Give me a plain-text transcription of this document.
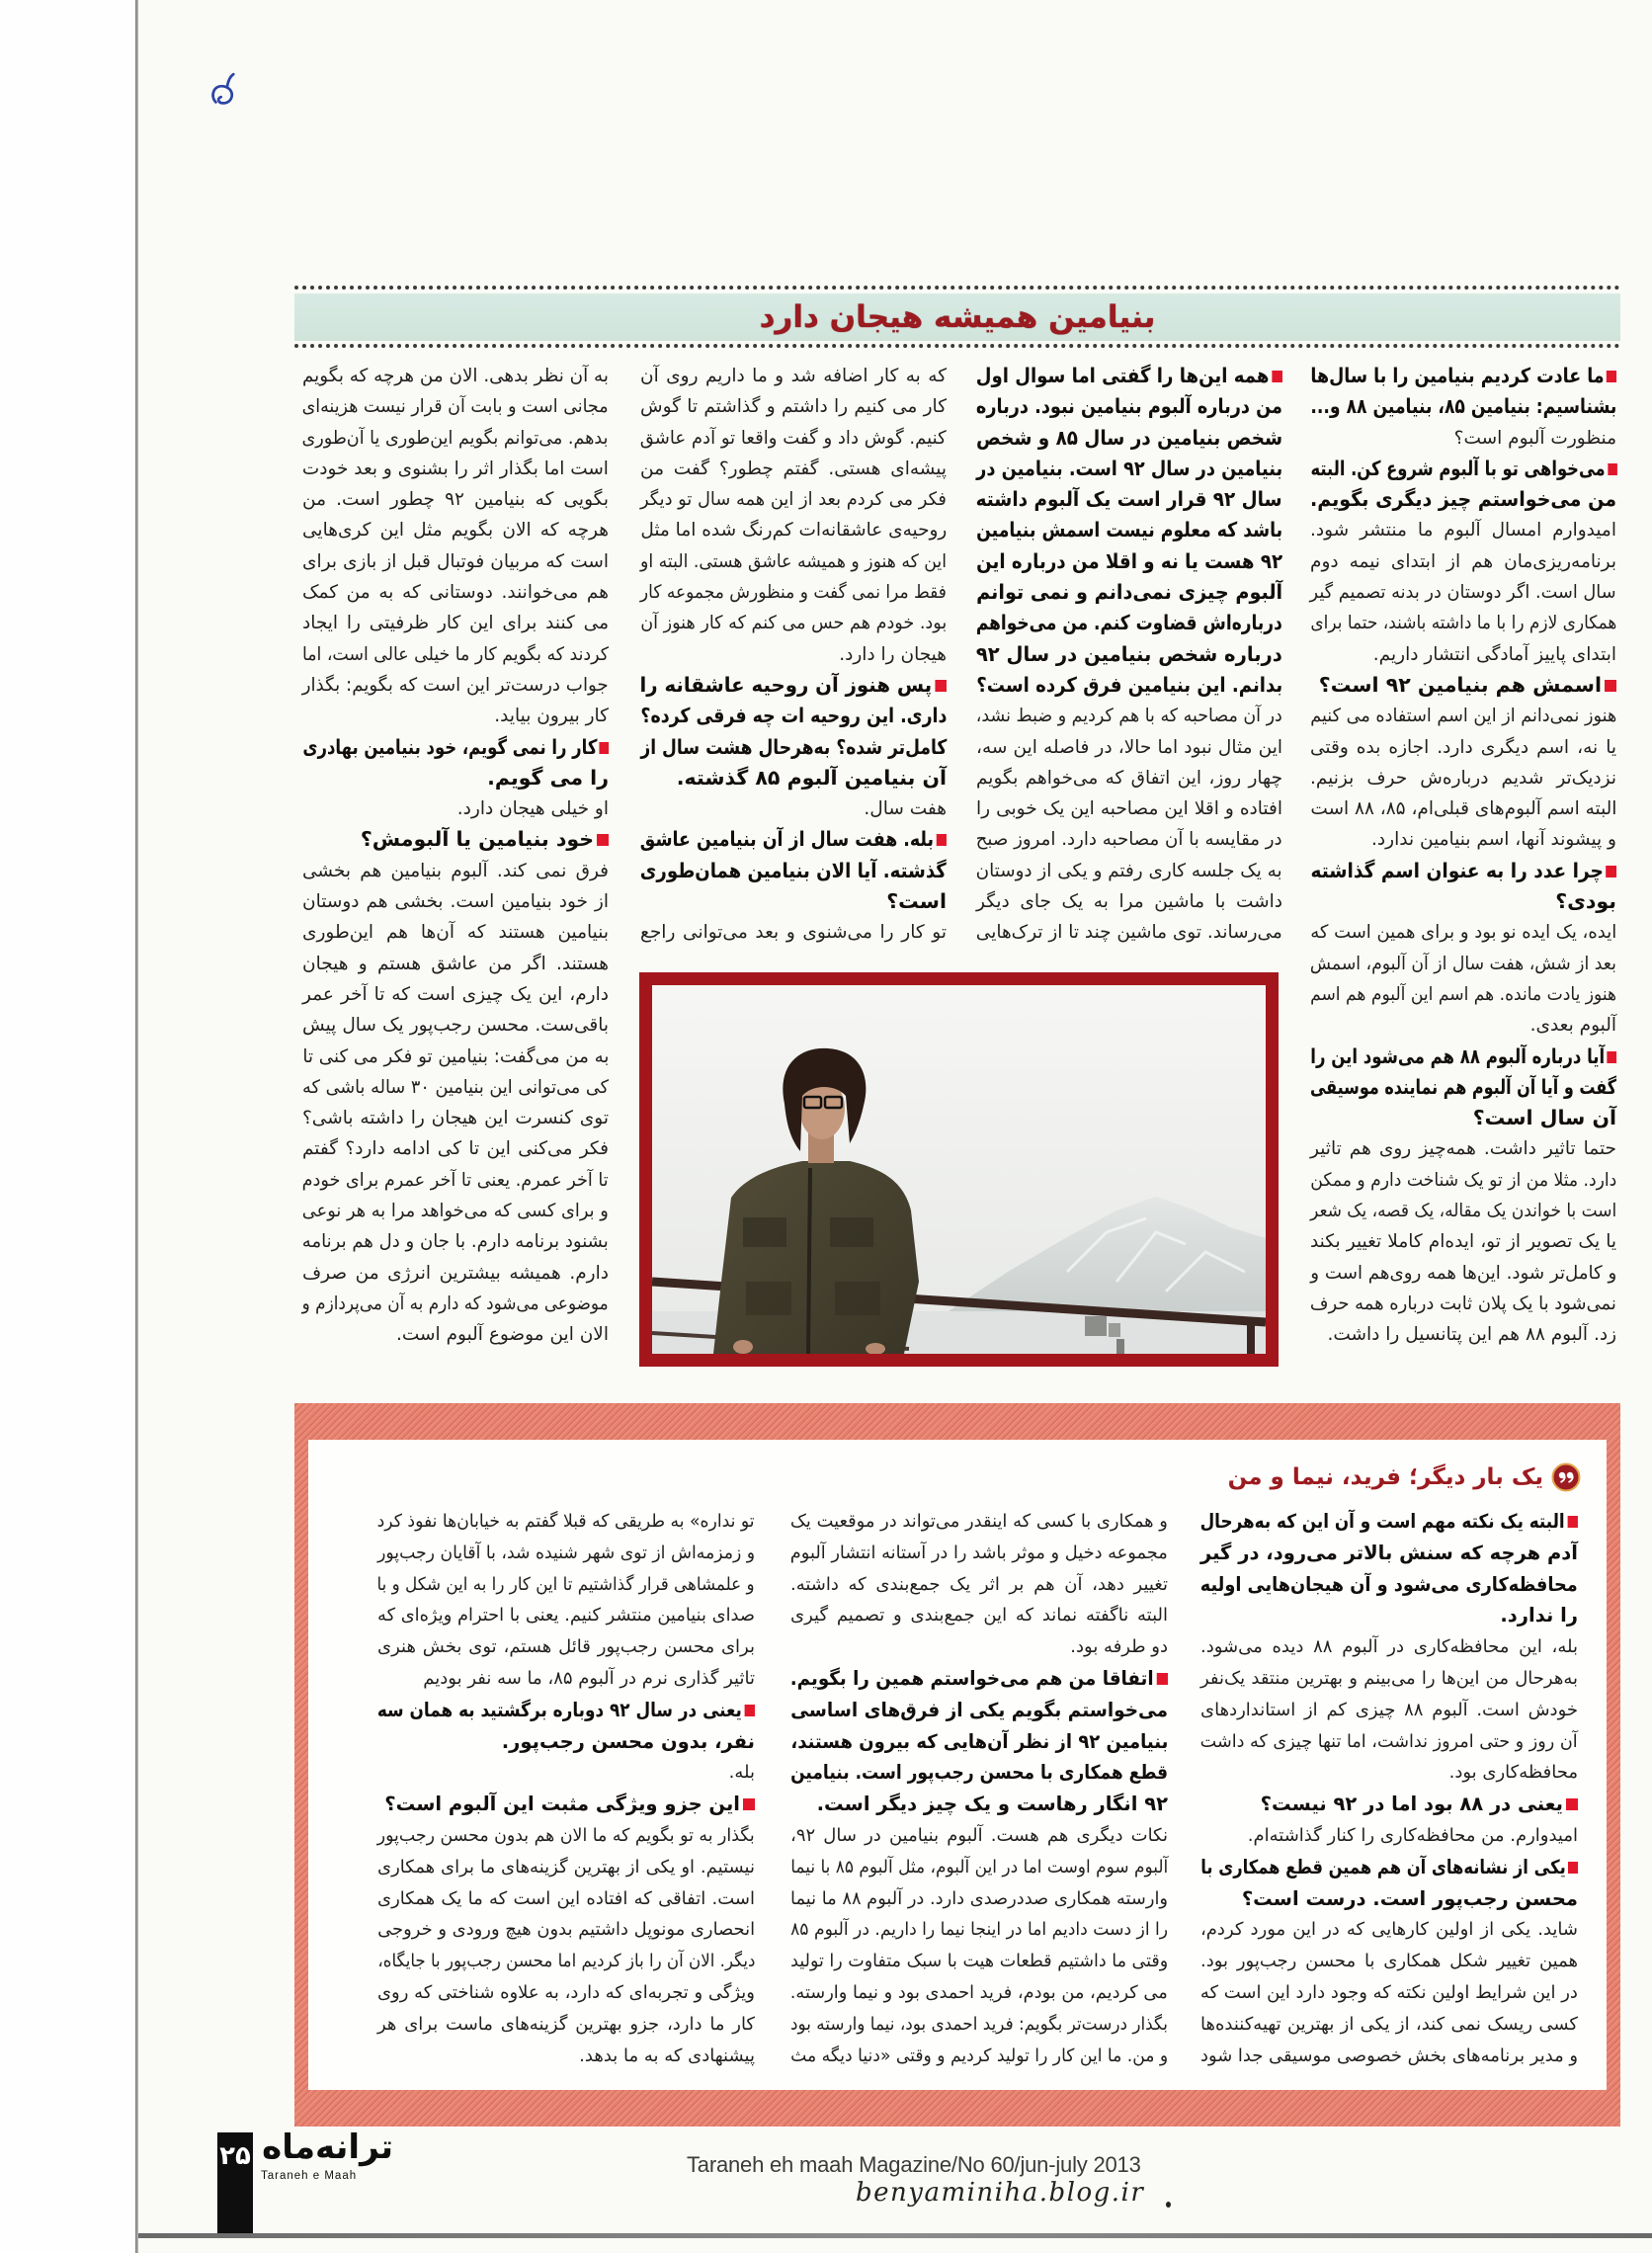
بنیامین همیشه هیجان دارد
ما عادت کردیم بنیامین را با سال‌ها
بشناسیم: بنیامین ۸۵، بنیامین ۸۸ و...
منظورت آلبوم است؟
می‌خواهی تو با آلبوم شروع کن. البته
من می‌خواستم چیز دیگری بگویم.
امیدوارم امسال آلبوم ما منتشر شود.
برنامه‌ریزی‌مان هم از ابتدای نیمه دوم
سال است. اگر دوستان در بدنه تصمیم گیر
همکاری لازم را با ما داشته باشند، حتما برای
ابتدای پاییز آمادگی انتشار داریم.
اسمش هم بنیامین ۹۲ است؟
هنوز نمی‌دانم از این اسم استفاده می کنیم
یا نه، اسم دیگری دارد. اجازه بده وقتی
نزدیک‌تر شدیم درباره‌ش حرف بزنیم.
البته اسم آلبوم‌های قبلی‌ام، ۸۵، ۸۸ است
و پیشوند آنها، اسم بنیامین ندارد.
چرا عدد را به عنوان اسم گذاشته
بودی؟
ایده، یک ایده نو بود و برای همین است که
بعد از شش، هفت سال از آن آلبوم، اسمش
هنوز یادت مانده. هم اسم این آلبوم هم اسم
آلبوم بعدی.
آیا درباره آلبوم ۸۸ هم می‌شود این را
گفت و آیا آن آلبوم هم نماینده موسیقی
آن سال است؟
حتما تاثیر داشت. همه‌چیز روی هم تاثیر
دارد. مثلا من از تو یک شناخت دارم و ممکن
است با خواندن یک مقاله، یک قصه، یک شعر
یا یک تصویر از تو، ایده‌ام کاملا تغییر بکند
و کامل‌تر شود. این‌ها همه روی‌هم است و
نمی‌شود با یک پلان ثابت درباره همه حرف
زد. آلبوم ۸۸ هم این پتانسیل را داشت.
همه این‌ها را گفتی اما سوال اول
من درباره آلبوم بنیامین نبود. درباره
شخص بنیامین در سال ۸۵ و شخص
بنیامین در سال ۹۲ است. بنیامین در
سال ۹۲ قرار است یک آلبوم داشته
باشد که معلوم نیست اسمش بنیامین
۹۲ هست یا نه و اقلا من درباره این
آلبوم چیزی نمی‌دانم و نمی توانم
درباره‌اش قضاوت کنم. من می‌خواهم
درباره شخص بنیامین در سال ۹۲
بدانم. این بنیامین فرق کرده است؟
در آن مصاحبه که با هم کردیم و ضبط نشد،
این مثال نبود اما حالا، در فاصله این سه،
چهار روز، این اتفاق که می‌خواهم بگویم
افتاده و اقلا این مصاحبه این یک خوبی را
در مقایسه با آن مصاحبه دارد. امروز صبح
به یک جلسه کاری رفتم و یکی از دوستان
داشت با ماشین مرا به یک جای دیگر
می‌رساند. توی ماشین چند تا از ترک‌هایی
که به کار اضافه شد و ما داریم روی آن
کار می کنیم را داشتم و گذاشتم تا گوش
کنیم. گوش داد و گفت واقعا تو آدم عاشق
پیشه‌ای هستی. گفتم چطور؟ گفت من
فکر می کردم بعد از این همه سال تو دیگر
روحیه‌ی عاشقانه‌ات کم‌رنگ شده اما مثل
این که هنوز و همیشه عاشق هستی. البته او
فقط مرا نمی گفت و منظورش مجموعه کار
بود. خودم هم حس می کنم که کار هنوز آن
هیجان را دارد.
پس هنوز آن روحیه عاشقانه را
داری. این روحیه ات چه فرقی کرده؟
کامل‌تر شده؟ به‌هرحال هشت سال از
آن بنیامین آلبوم ۸۵ گذشته.
هفت سال.
بله. هفت سال از آن بنیامین عاشق
گذشته. آیا الان بنیامین همان‌طوری
است؟
تو کار را می‌شنوی و بعد می‌توانی راجع
به آن نظر بدهی. الان من هرچه که بگویم
مجانی است و بابت آن قرار نیست هزینه‌ای
بدهم. می‌توانم بگویم این‌طوری یا آن‌طوری
است اما بگذار اثر را بشنوی و بعد خودت
بگویی که بنیامین ۹۲ چطور است. من
هرچه که الان بگویم مثل این کری‌هایی
است که مربیان فوتبال قبل از بازی برای
هم می‌خوانند. دوستانی که به من کمک
می کنند برای این کار ظرفیتی را ایجاد
کردند که بگویم کار ما خیلی عالی است، اما
جواب درست‌تر این است که بگویم: بگذار
کار بیرون بیاید.
کار را نمی گویم، خود بنیامین بهادری
را می گویم.
او خیلی هیجان دارد.
خود بنیامین یا آلبومش؟
فرق نمی کند. آلبوم بنیامین هم بخشی
از خود بنیامین است. بخشی هم دوستان
بنیامین هستند که آن‌ها هم این‌طوری
هستند. اگر من عاشق هستم و هیجان
دارم، این یک چیزی است که تا آخر عمر
باقی‌ست. محسن رجب‌پور یک سال پیش
به من می‌گفت: بنیامین تو فکر می کنی تا
کی می‌توانی این بنیامین ۳۰ ساله باشی که
توی کنسرت این هیجان را داشته باشی؟
فکر می‌کنی این تا کی ادامه دارد؟ گفتم
تا آخر عمرم. یعنی تا آخر عمرم برای خودم
و برای کسی که می‌خواهد مرا به هر نوعی
بشنود برنامه دارم. با جان و دل هم برنامه
دارم. همیشه بیشترین انرژی من صرف
موضوعی می‌شود که دارم به آن می‌پردازم و
الان این موضوع آلبوم است.
یک بار دیگر؛ فرید، نیما و من
البته یک نکته مهم است و آن این که به‌هرحال
آدم هرچه که سنش بالاتر می‌رود، در گیر
محافظه‌کاری می‌شود و آن هیجان‌هایی اولیه
را ندارد.
بله، این محافظه‌کاری در آلبوم ۸۸ دیده می‌شود.
به‌هرحال من این‌ها را می‌بینم و بهترین منتقد یک‌نفر
خودش است. آلبوم ۸۸ چیزی کم از استانداردهای
آن روز و حتی امروز نداشت، اما تنها چیزی که داشت
محافظه‌کاری بود.
یعنی در ۸۸ بود اما در ۹۲ نیست؟
امیدوارم. من محافظه‌کاری را کنار گذاشته‌ام.
یکی از نشانه‌های آن هم همین قطع همکاری با
محسن رجب‌پور است. درست است؟
شاید. یکی از اولین کارهایی که در این مورد کردم،
همین تغییر شکل همکاری با محسن رجب‌پور بود.
در این شرایط اولین نکته که وجود دارد این است که
کسی ریسک نمی کند، از یکی از بهترین تهیه‌کننده‌ها
و مدیر برنامه‌های بخش خصوصی موسیقی جدا شود
و همکاری با کسی که اینقدر می‌تواند در موقعیت یک
مجموعه دخیل و موثر باشد را در آستانه انتشار آلبوم
تغییر دهد، آن هم بر اثر یک جمع‌بندی که داشته.
البته ناگفته نماند که این جمع‌بندی و تصمیم گیری
دو طرفه بود.
اتفاقا من هم می‌خواستم همین را بگویم.
می‌خواستم بگویم یکی از فرق‌های اساسی
بنیامین ۹۲ از نظر آن‌هایی که بیرون هستند،
قطع همکاری با محسن رجب‌پور است. بنیامین
۹۲ انگار رهاست و یک چیز دیگر است.
نکات دیگری هم هست. آلبوم بنیامین در سال ۹۲،
آلبوم سوم اوست اما در این آلبوم، مثل آلبوم ۸۵ با نیما
وارسته همکاری صددرصدی دارد. در آلبوم ۸۸ ما نیما
را از دست دادیم اما در اینجا نیما را داریم. در آلبوم ۸۵
وقتی ما داشتیم قطعات هیت با سبک متفاوت را تولید
می کردیم، من بودم، فرید احمدی بود و نیما وارسته.
بگذار درست‌تر بگویم: فرید احمدی بود، نیما وارسته بود
و من. ما این کار را تولید کردیم و وقتی «دنیا دیگه مث
تو نداره» به طریقی که قبلا گفتم به خیابان‌ها نفوذ کرد
و زمزمه‌اش از توی شهر شنیده شد، با آقایان رجب‌پور
و علمشاهی قرار گذاشتیم تا این کار را به این شکل و با
صدای بنیامین منتشر کنیم. یعنی با احترام ویژه‌ای که
برای محسن رجب‌پور قائل هستم، توی بخش هنری
تاثیر گذاری نرم در آلبوم ۸۵، ما سه نفر بودیم
یعنی در سال ۹۲ دوباره برگشتید به همان سه
نفر، بدون محسن رجب‌پور.
بله.
این جزو ویژگی مثبت این آلبوم است؟
بگذار به تو بگویم که ما الان هم بدون محسن رجب‌پور
نیستیم. او یکی از بهترین گزینه‌های ما برای همکاری
است. اتفاقی که افتاده این است که ما یک همکاری
انحصاری مونوپل داشتیم بدون هیچ ورودی و خروجی
دیگر. الان آن را باز کردیم اما محسن رجب‌پور با جایگاه،
ویژگی و تجربه‌ای که دارد، به علاوه شناختی که روی
کار ما دارد، جزو بهترین گزینه‌های ماست برای هر
پیشنهادی که به ما بدهد.
۲۵ ترانه‌ماه
Taraneh e Maah	Taraneh eh maah Magazine/No 60/jun-july 2013
benyaminiha.blog.ir
